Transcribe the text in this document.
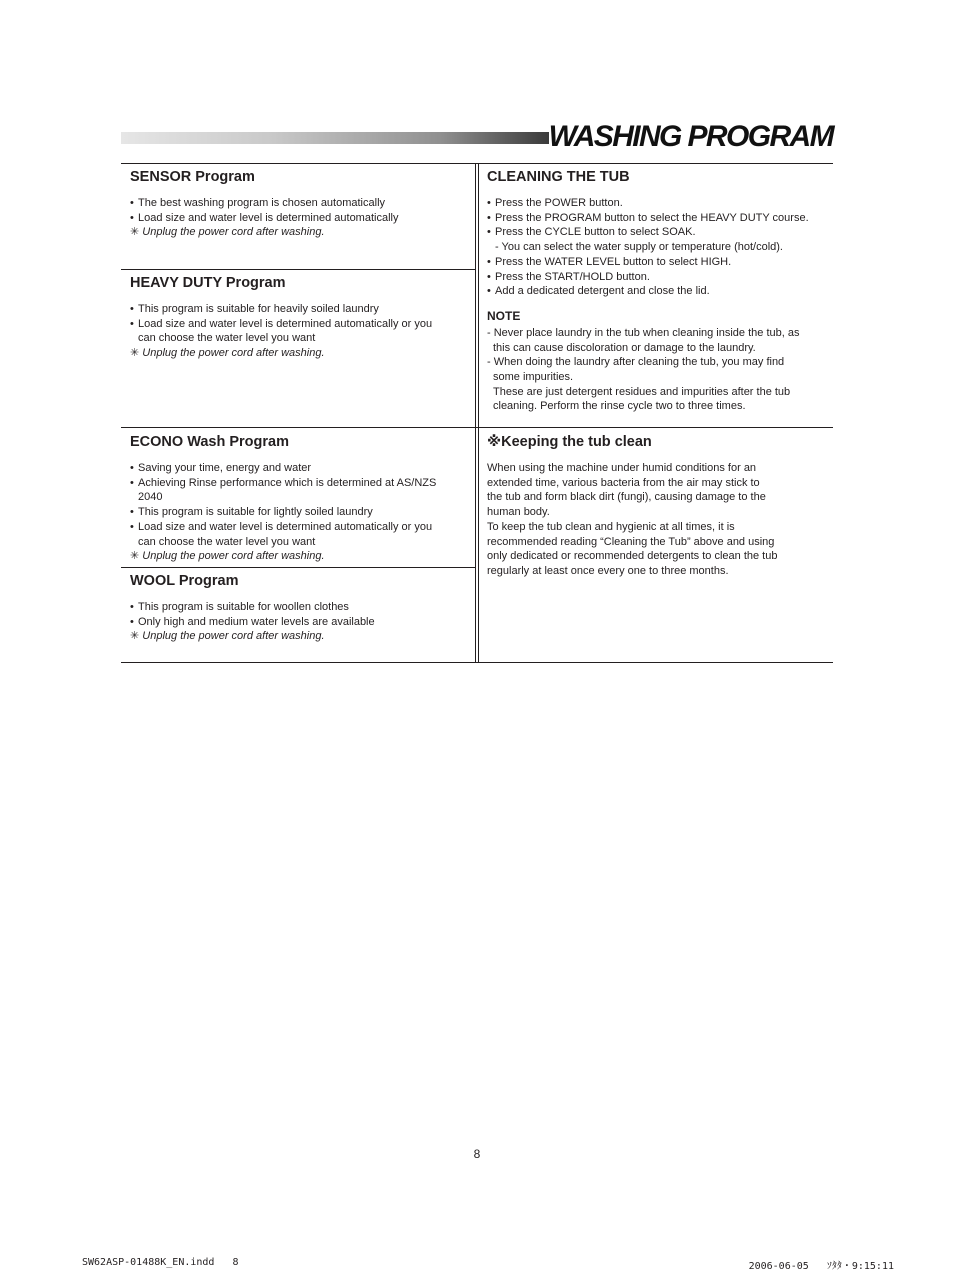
WASHING PROGRAM
SENSOR Program
• The best washing program is chosen automatically
• Load size and water level is determined automatically
✳ Unplug the power cord after washing.
HEAVY DUTY Program
• This program is suitable for heavily soiled laundry
• Load size and water level is determined automatically or you
can choose the water level you want
✳ Unplug the power cord after washing.
ECONO Wash Program
• Saving your time, energy and water
• Achieving Rinse performance which is determined at AS/NZS
2040
• This program is suitable for lightly soiled laundry
• Load size and water level is determined automatically or you
can choose the water level you want
✳ Unplug the power cord after washing.
WOOL Program
• This program is suitable for woollen clothes
• Only high and medium water levels are available
✳ Unplug the power cord after washing.
CLEANING THE TUB
• Press the POWER button.
• Press the PROGRAM button to select the HEAVY DUTY course.
• Press the CYCLE button to select SOAK.
- You can select the water supply or temperature (hot/cold).
• Press the WATER LEVEL button to select HIGH.
• Press the START/HOLD button.
• Add a dedicated detergent and close the lid.
NOTE
- Never place laundry in the tub when cleaning inside the tub, as
this can cause discoloration or damage to the laundry.
- When doing the laundry after cleaning the tub, you may find
some impurities.
These are just detergent residues and impurities after the tub
cleaning. Perform the rinse cycle two to three times.
※Keeping the tub clean
When using the machine under humid conditions for an
extended time, various bacteria from the air may stick to
the tub and form black dirt (fungi), causing damage to the
human body.
To keep the tub clean and hygienic at all times, it is
recommended reading “Cleaning the Tub” above and using
only dedicated or recommended detergents to clean the tub
regularly at least once every one to three months.
8
SW62ASP-01488K_EN.indd   8	2006-06-05   ｿﾀﾀ・9:15:11
